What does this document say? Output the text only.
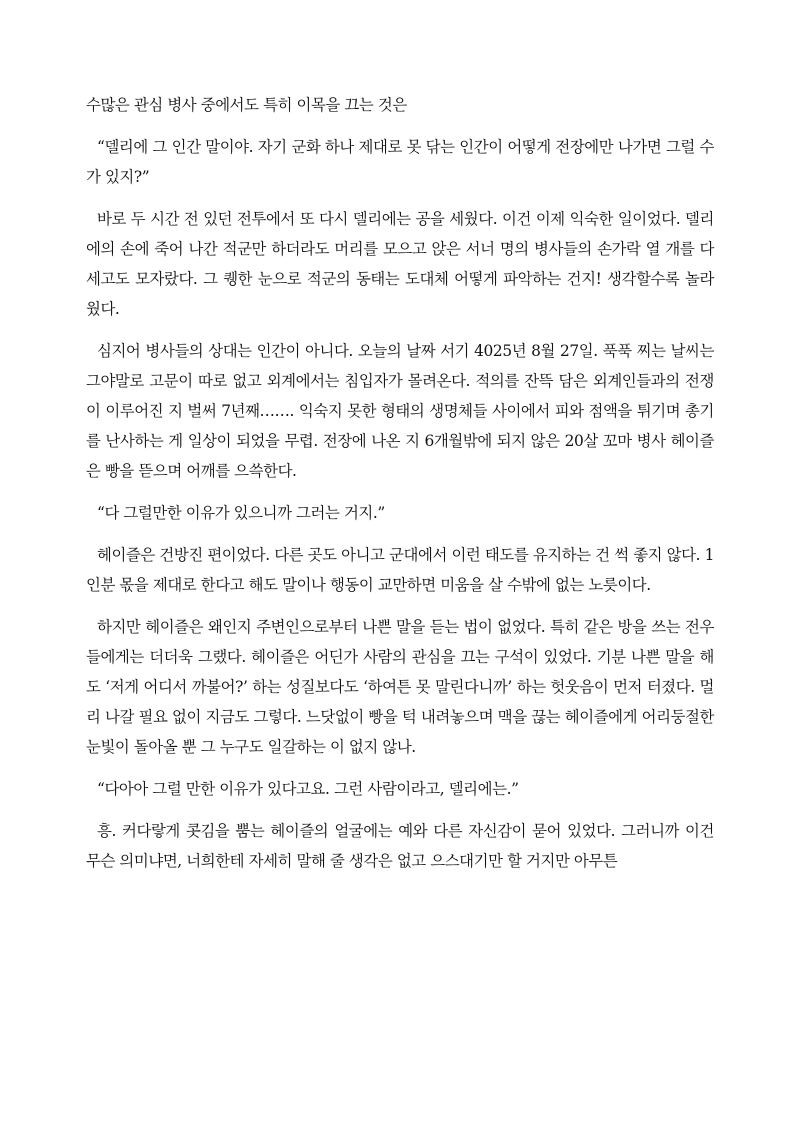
수많은 관심 병사 중에서도 특히 이목을 끄는 것은

“델리에 그 인간 말이야. 자기 군화 하나 제대로 못 닦는 인간이 어떻게 전장에만 나가면 그럴 수가 있지?”

바로 두 시간 전 있던 전투에서 또 다시 델리에는 공을 세웠다. 이건 이제 익숙한 일이었다. 델리에의 손에 죽어 나간 적군만 하더라도 머리를 모으고 앉은 서너 명의 병사들의 손가락 열 개를 다 세고도 모자랐다. 그 퀭한 눈으로 적군의 동태는 도대체 어떻게 파악하는 건지! 생각할수록 놀라웠다.

심지어 병사들의 상대는 인간이 아니다. 오늘의 날짜 서기 4025년 8월 27일. 푹푹 찌는 날씨는 그야말로 고문이 따로 없고 외계에서는 침입자가 몰려온다. 적의를 잔뜩 담은 외계인들과의 전쟁이 이루어진 지 벌써 7년째……. 익숙지 못한 형태의 생명체들 사이에서 피와 점액을 튀기며 총기를 난사하는 게 일상이 되었을 무렵. 전장에 나온 지 6개월밖에 되지 않은 20살 꼬마 병사 헤이즐은 빵을 뜯으며 어깨를 으쓱한다.

“다 그럴만한 이유가 있으니까 그러는 거지.”

헤이즐은 건방진 편이었다. 다른 곳도 아니고 군대에서 이런 태도를 유지하는 건 썩 좋지 않다. 1인분 몫을 제대로 한다고 해도 말이나 행동이 교만하면 미움을 살 수밖에 없는 노릇이다.

하지만 헤이즐은 왜인지 주변인으로부터 나쁜 말을 듣는 법이 없었다. 특히 같은 방을 쓰는 전우들에게는 더더욱 그랬다. 헤이즐은 어딘가 사람의 관심을 끄는 구석이 있었다. 기분 나쁜 말을 해도 ‘저게 어디서 까불어?’ 하는 성질보다도 ‘하여튼 못 말린다니까’ 하는 헛웃음이 먼저 터졌다. 멀리 나갈 필요 없이 지금도 그렇다. 느닷없이 빵을 턱 내려놓으며 맥을 끊는 헤이즐에게 어리둥절한 눈빛이 돌아올 뿐 그 누구도 일갈하는 이 없지 않나.

“다아아 그럴 만한 이유가 있다고요. 그런 사람이라고, 델리에는.”

흥. 커다랗게 콧김을 뿜는 헤이즐의 얼굴에는 예와 다른 자신감이 묻어 있었다. 그러니까 이건 무슨 의미냐면, 너희한테 자세히 말해 줄 생각은 없고 으스대기만 할 거지만 아무튼
